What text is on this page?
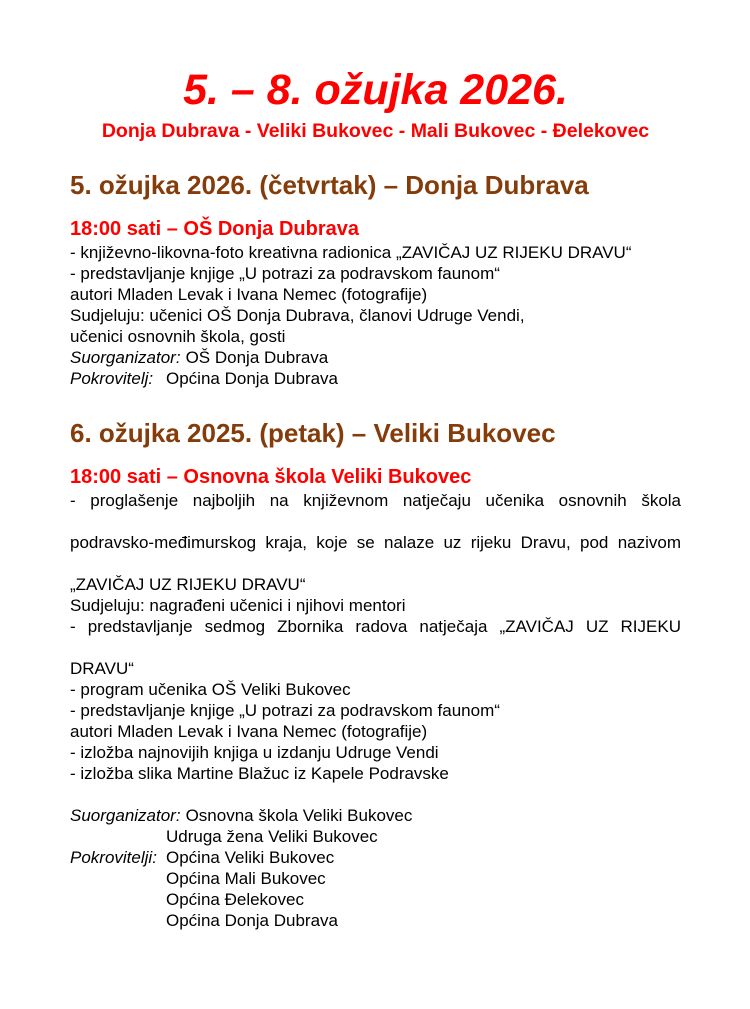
5. – 8. ožujka 2026.
Donja Dubrava - Veliki Bukovec - Mali Bukovec - Đelekovec
5. ožujka 2026. (četvrtak) – Donja Dubrava
18:00 sati – OŠ Donja Dubrava
- književno-likovna-foto kreativna radionica „ZAVIČAJ UZ RIJEKU DRAVU“
- predstavljanje knjige „U potrazi za podravskom faunom“
autori Mladen Levak i Ivana Nemec (fotografije)
Sudjeluju: učenici OŠ Donja Dubrava, članovi Udruge Vendi,
učenici osnovnih škola, gosti
Suorganizator: OŠ Donja Dubrava
Pokrovitelj: Općina Donja Dubrava
6. ožujka 2025. (petak) – Veliki Bukovec
18:00 sati – Osnovna škola Veliki Bukovec
- proglašenje najboljih na književnom natječaju učenika osnovnih škola
podravsko-međimurskog kraja, koje se nalaze uz rijeku Dravu, pod nazivom
„ZAVIČAJ UZ RIJEKU DRAVU“
Sudjeluju: nagrađeni učenici i njihovi mentori
- predstavljanje sedmog Zbornika radova natječaja „ZAVIČAJ UZ RIJEKU
DRAVU“
- program učenika OŠ Veliki Bukovec
- predstavljanje knjige „U potrazi za podravskom faunom“
autori Mladen Levak i Ivana Nemec (fotografije)
- izložba najnovijih knjiga u izdanju Udruge Vendi
- izložba slika Martine Blažuc iz Kapele Podravske
Suorganizator: Osnovna škola Veliki Bukovec
Udruga žena Veliki Bukovec
Pokrovitelji: Općina Veliki Bukovec
Općina Mali Bukovec
Općina Đelekovec
Općina Donja Dubrava
